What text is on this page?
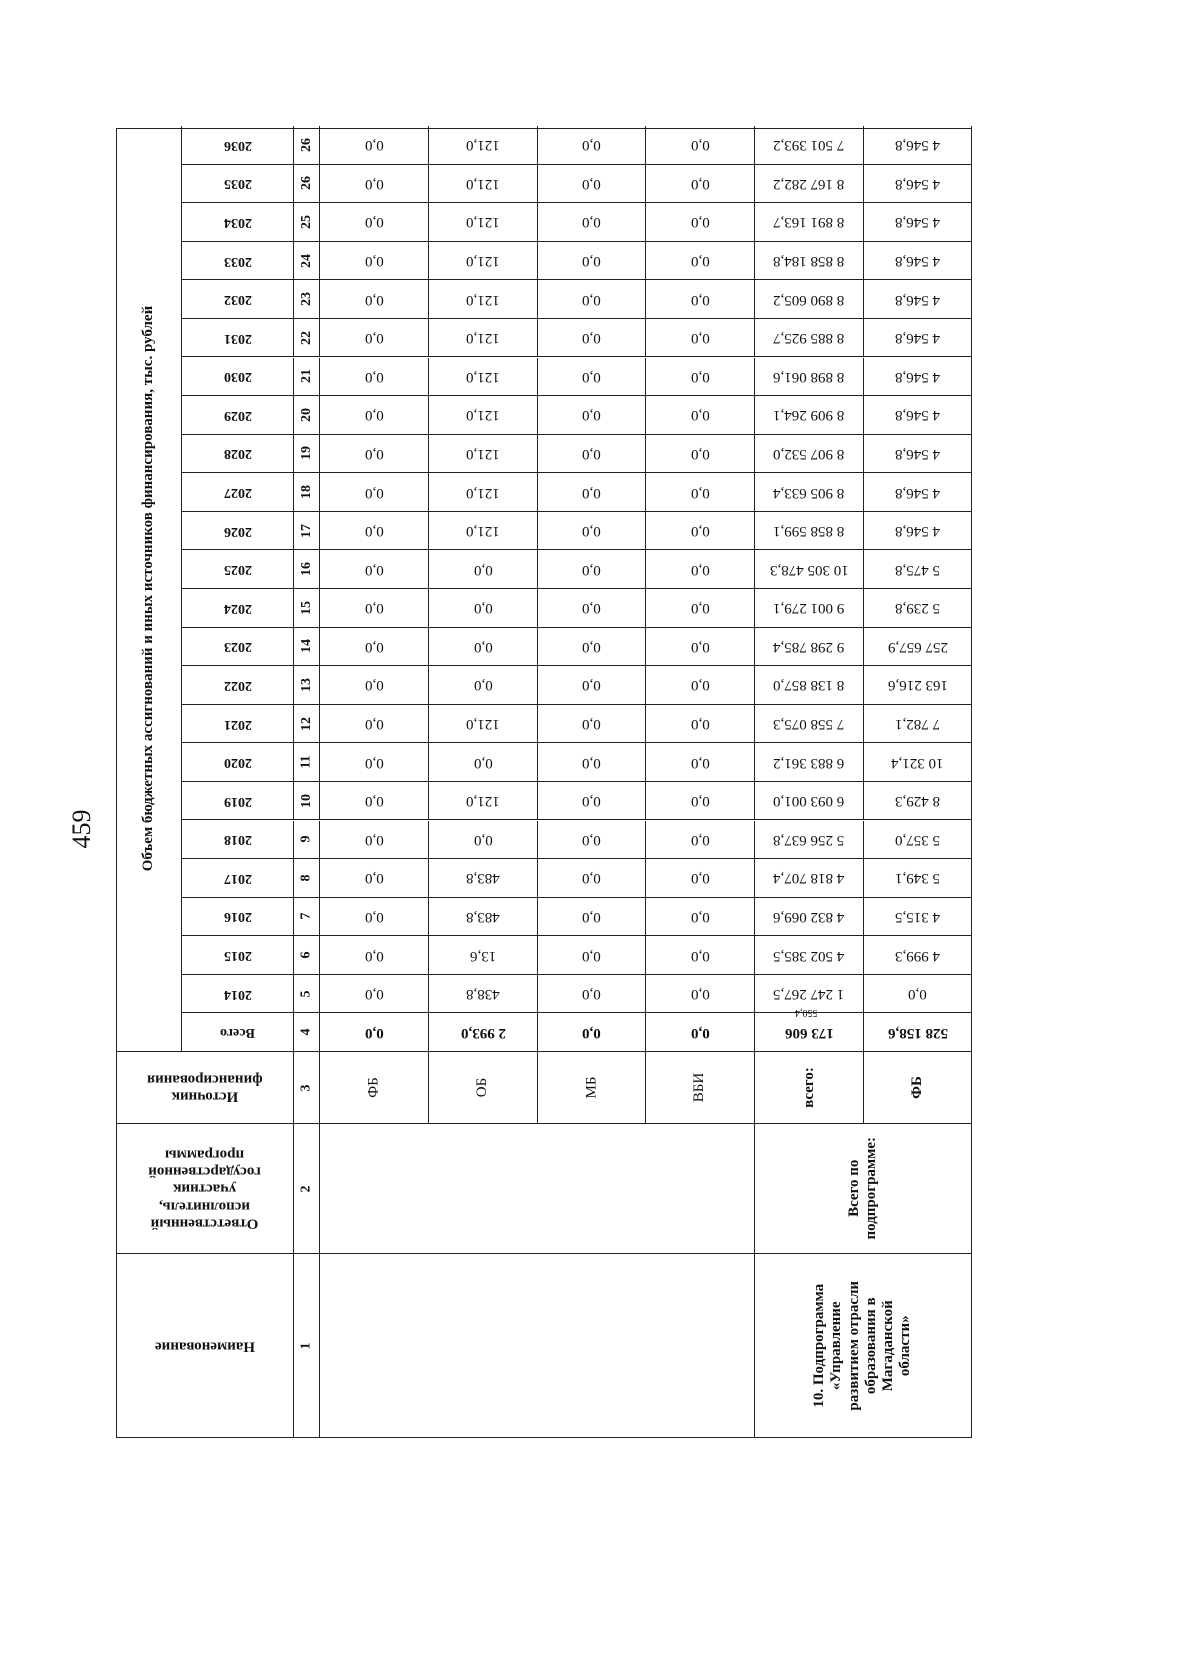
459	Объем бюджетных ассигнований и иных источников финансирования, тыс. рублей
2036	26	0,0	121,0	0,0	0,0	7 501 393,2	4 546,8
2035	26	0,0	121,0	0,0	0,0	8 167 282,2	4 546,8
2034	25	0,0	121,0	0,0	0,0	8 891 163,7	4 546,8
2033	24	0,0	121,0	0,0	0,0	8 858 184,8	4 546,8
2032	23	0,0	121,0	0,0	0,0	8 890 605,2	4 546,8
2031	22	0,0	121,0	0,0	0,0	8 885 925,7	4 546,8
2030	21	0,0	121,0	0,0	0,0	8 898 061,6	4 546,8
2029	20	0,0	121,0	0,0	0,0	8 909 264,1	4 546,8
2028	19	0,0	121,0	0,0	0,0	8 907 532,0	4 546,8
2027	18	0,0	121,0	0,0	0,0	8 905 633,4	4 546,8
2026	17	0,0	121,0	0,0	0,0	8 858 599,1	4 546,8
2025	16	0,0	0,0	0,0	0,0	10 305 478,3	5 475,8
2024	15	0,0	0,0	0,0	0,0	9 001 279,1	5 239,8
2023	14	0,0	0,0	0,0	0,0	9 298 785,4	257 657,9
2022	13	0,0	0,0	0,0	0,0	8 138 857,0	163 216,6
2021	12	0,0	121,0	0,0	0,0	7 558 075,3	7 782,1
2020	11	0,0	0,0	0,0	0,0	6 883 361,2	10 321,4
2019	10	0,0	121,0	0,0	0,0	6 093 001,0	8 429,3
2018	9	0,0	0,0	0,0	0,0	5 256 637,8	5 357,0
2017	8	0,0	483,8	0,0	0,0	4 818 707,4	5 349,1
2016	7	0,0	483,8	0,0	0,0	4 832 069,6	4 315,5
2015	6	0,0	13,6	0,0	0,0	4 502 385,5	4 999,3
2014	5	0,0	438,8	0,0	0,0	1 247 267,5	0,0
Всего	4	0,0	2 993,0	0,0	0,0	173 606	528 158,6
550,4
Источник
финансирования	3	ФБ	ОБ	МБ	ВБИ	всего:	ФБ
Ответственный исполнитель,
участник
государственной
программы
2	Всего по
подпрограмме:
Наименование	1
10. Подпрограмма
«Управление
развитием отрасли
образования в
Магаданской
области»
